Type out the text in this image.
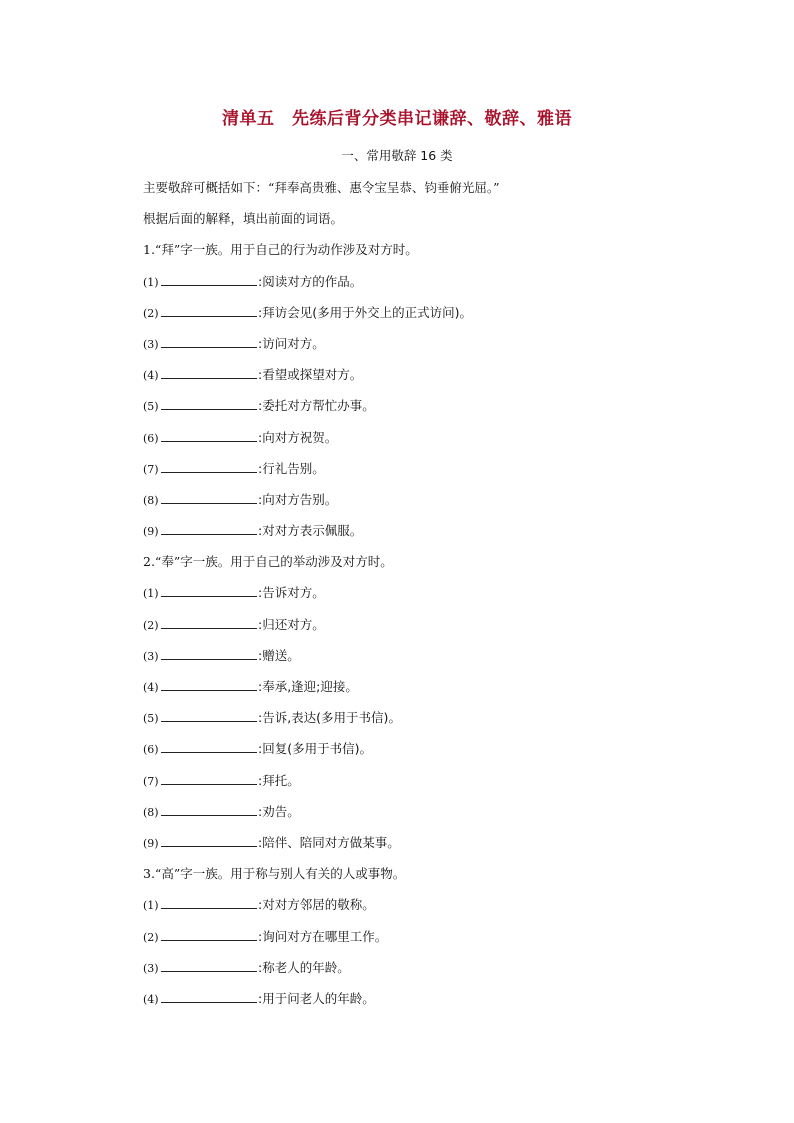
清单五　先练后背分类串记谦辞、敬辞、雅语
一、常用敬辞 16 类
主要敬辞可概括如下：“拜奉高贵雅、惠令宝呈恭、钧垂俯光屈。”
根据后面的解释，填出前面的词语。
1.“拜”字一族。用于自己的行为动作涉及对方时。
(1)	:阅读对方的作品。
(2)	:拜访会见(多用于外交上的正式访问)。
(3)	:访问对方。
(4)	:看望或探望对方。
(5)	:委托对方帮忙办事。
(6)	:向对方祝贺。
(7)	:行礼告别。
(8)	:向对方告别。
(9)	:对对方表示佩服。
2.“奉”字一族。用于自己的举动涉及对方时。
(1)	:告诉对方。
(2)	:归还对方。
(3)	:赠送。
(4)	:奉承,逢迎;迎接。
(5)	:告诉,表达(多用于书信)。
(6)	:回复(多用于书信)。
(7)	:拜托。
(8)	:劝告。
(9)	:陪伴、陪同对方做某事。
3.“高”字一族。用于称与别人有关的人或事物。
(1)	:对对方邻居的敬称。
(2)	:询问对方在哪里工作。
(3)	:称老人的年龄。
(4)	:用于问老人的年龄。
